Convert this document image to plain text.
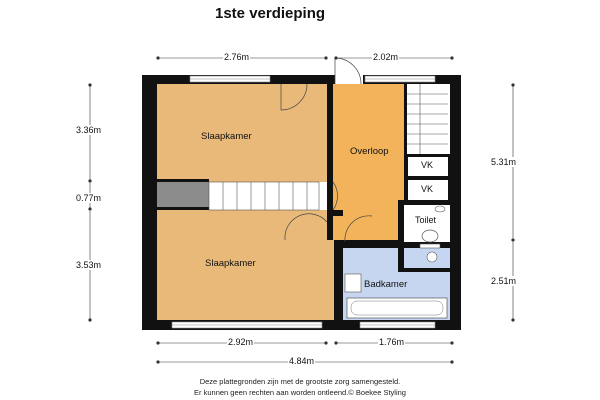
1ste verdieping
Slaapkamer
Slaapkamer
Overloop
VK
VK
Toilet
Badkamer
2.76m	2.02m
3.36m
0.77m
3.53m
5.31m
2.51m
2.92m	1.76m
4.84m
Deze plattegronden zijn met de grootste zorg samengesteld.
Er kunnen geen rechten aan worden ontleend.© Boekee Styling
